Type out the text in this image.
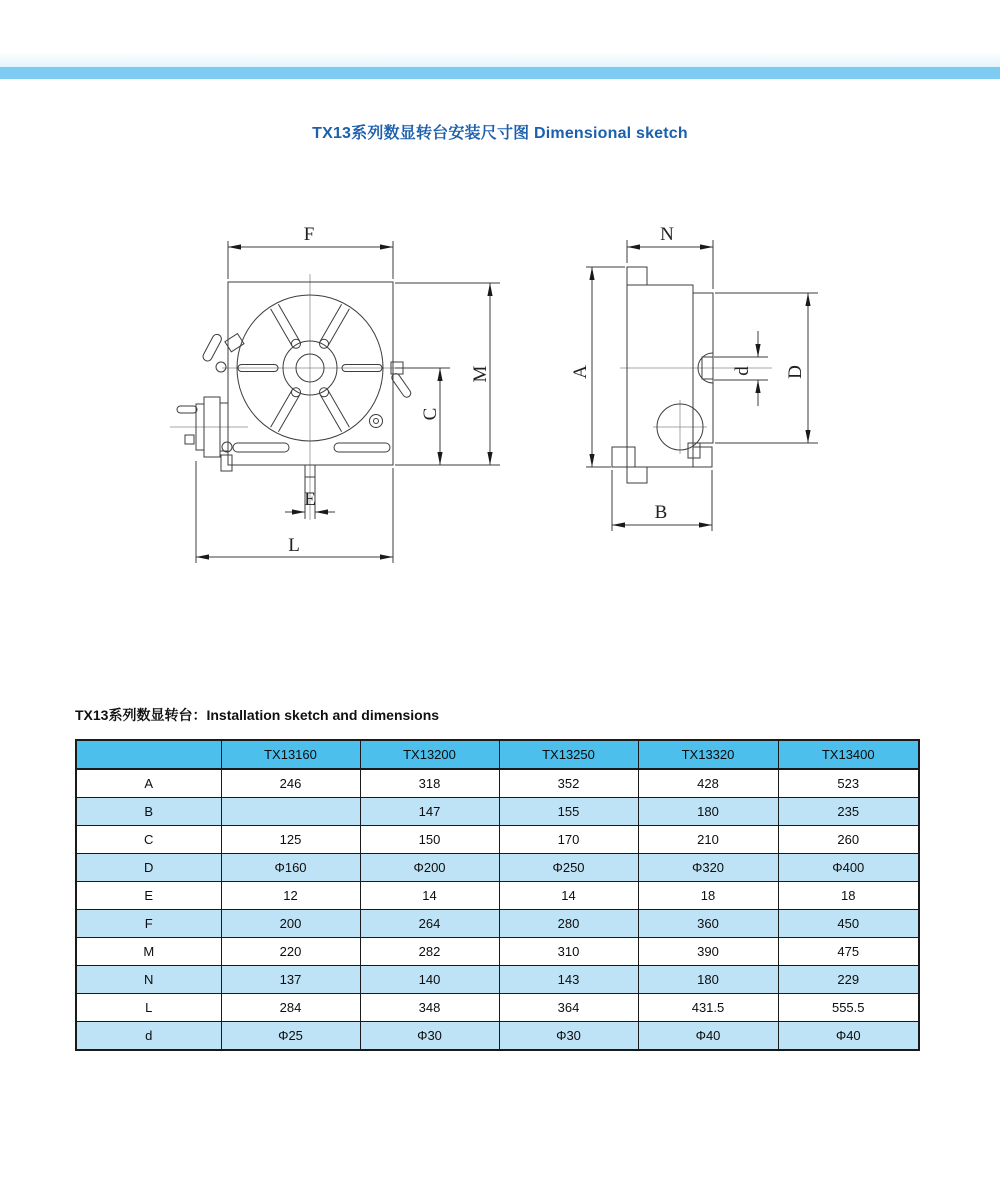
TX13系列数显转台安装尺寸图 Dimensional sketch
F
M
C
E
L
N
A	d D
B
TX13系列数显转台：Installation sketch and dimensions
	TX13160	TX13200	TX13250	TX13320	TX13400
A	246	318	352	428	523
B		147	155	180	235
C	125	150	170	210	260
D	Φ160	Φ200	Φ250	Φ320	Φ400
E	12	14	14	18	18
F	200	264	280	360	450
M	220	282	310	390	475
N	137	140	143	180	229
L	284	348	364	431.5	555.5
d	Φ25	Φ30	Φ30	Φ40	Φ40
